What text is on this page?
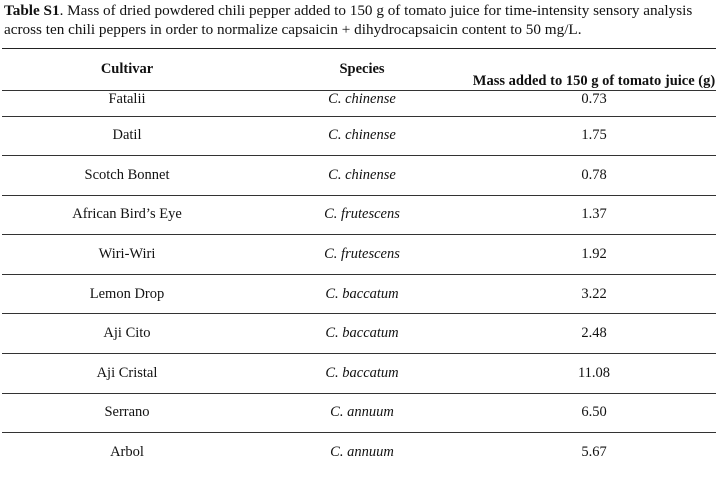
Table S1. Mass of dried powdered chili pepper added to 150 g of tomato juice for time-intensity sensory analysis across ten chili peppers in order to normalize capsaicin + dihydrocapsaicin content to 50 mg/L.
Cultivar	Species	Mass added to 150 g of tomato juice (g)
Fatalii	C. chinense	0.73
Datil	C. chinense	1.75
Scotch Bonnet	C. chinense	0.78
African Bird’s Eye	C. frutescens	1.37
Wiri-Wiri	C. frutescens	1.92
Lemon Drop	C. baccatum	3.22
Aji Cito	C. baccatum	2.48
Aji Cristal	C. baccatum	11.08
Serrano	C. annuum	6.50
Arbol	C. annuum	5.67
